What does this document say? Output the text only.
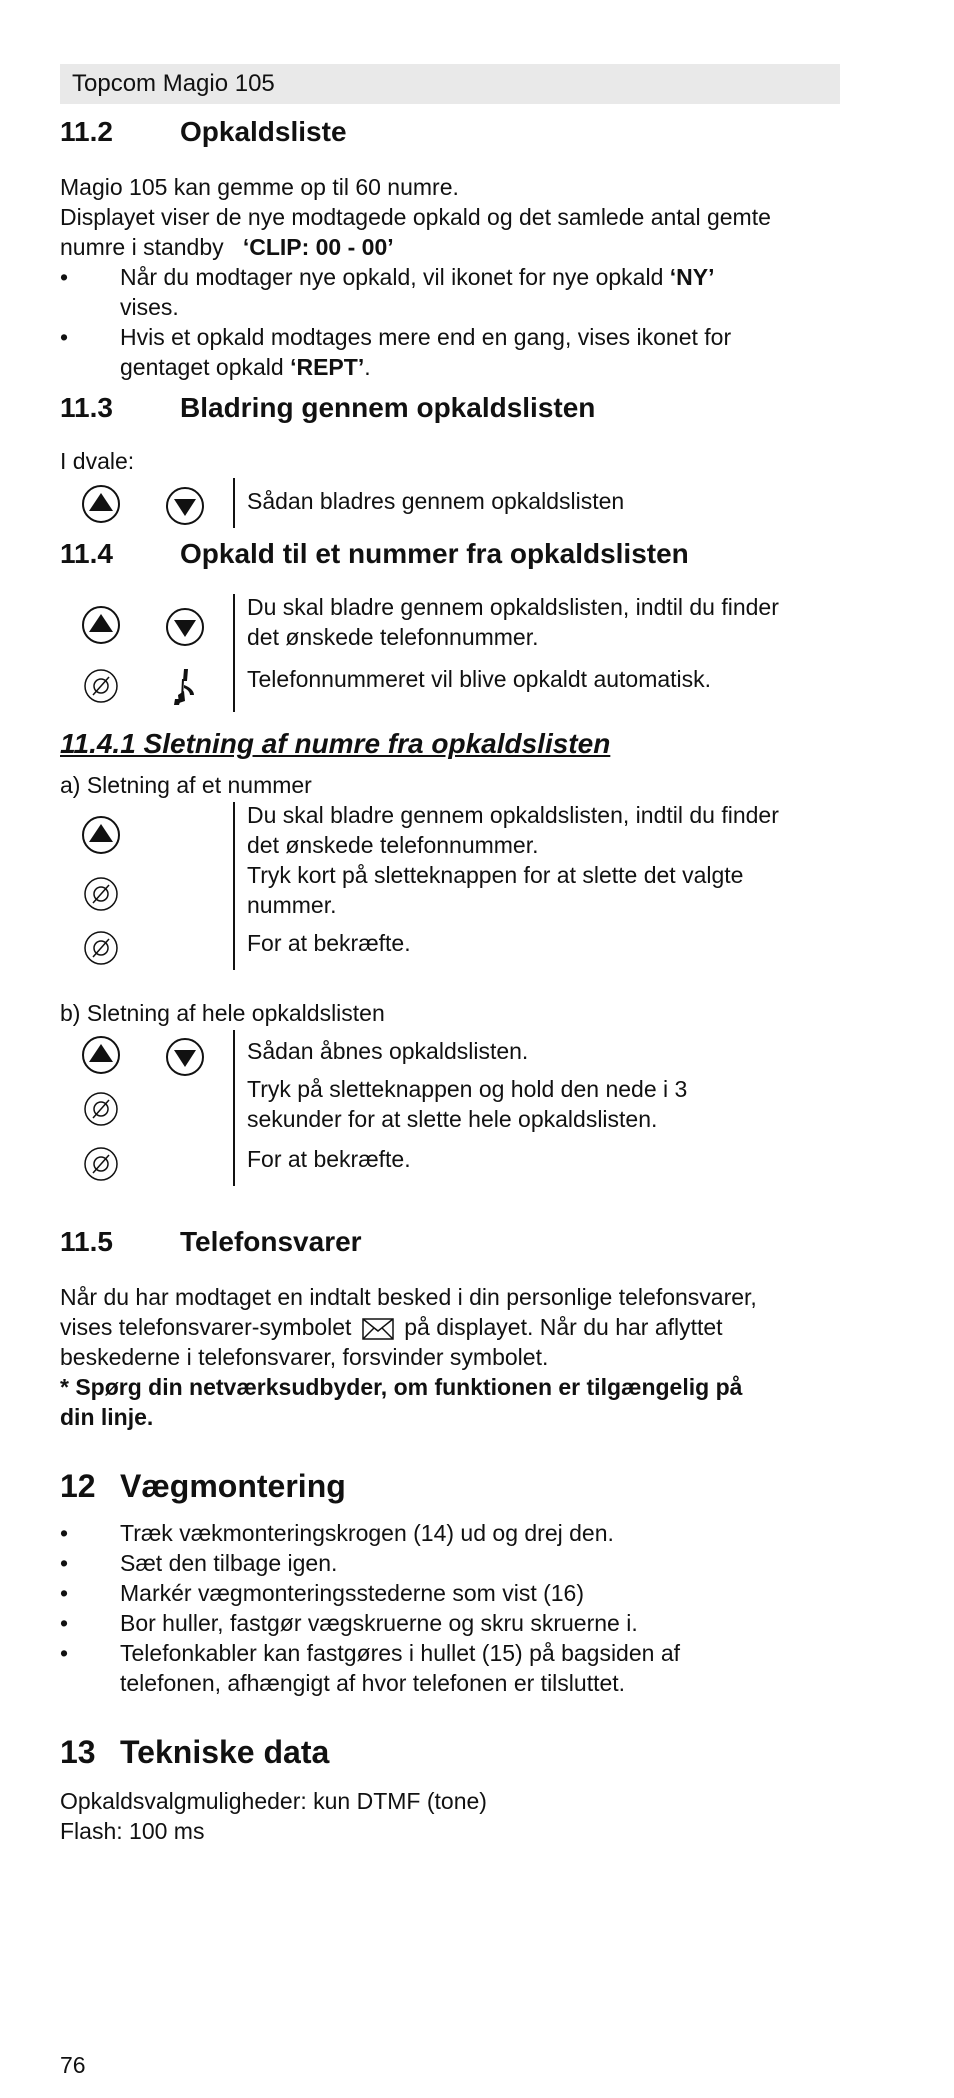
Topcom Magio 105
11.2 Opkaldsliste
Magio 105 kan gemme op til 60 numre.
Displayet viser de nye modtagede opkald og det samlede antal gemte
numre i standby ‘CLIP: 00 - 00’
• Når du modtager nye opkald, vil ikonet for nye opkald ‘NY’
vises.
• Hvis et opkald modtages mere end en gang, vises ikonet for
gentaget opkald ‘REPT’.
11.3 Bladring gennem opkaldslisten
I dvale:
Sådan bladres gennem opkaldslisten
11.4 Opkald til et nummer fra opkaldslisten
Du skal bladre gennem opkaldslisten, indtil du finder
det ønskede telefonnummer.
Telefonnummeret vil blive opkaldt automatisk.
11.4.1 Sletning af numre fra opkaldslisten
a) Sletning af et nummer
Du skal bladre gennem opkaldslisten, indtil du finder
det ønskede telefonnummer.
Tryk kort på sletteknappen for at slette det valgte
nummer.
For at bekræfte.
b) Sletning af hele opkaldslisten
Sådan åbnes opkaldslisten.
Tryk på sletteknappen og hold den nede i 3
sekunder for at slette hele opkaldslisten.
For at bekræfte.
11.5 Telefonsvarer
Når du har modtaget en indtalt besked i din personlige telefonsvarer,
vises telefonsvarer-symbolet på displayet. Når du har aflyttet
beskederne i telefonsvarer, forsvinder symbolet.
* Spørg din netværksudbyder, om funktionen er tilgængelig på
din linje.
12 Vægmontering
• Træk vækmonteringskrogen (14) ud og drej den.
• Sæt den tilbage igen.
• Markér vægmonteringsstederne som vist (16)
• Bor huller, fastgør vægskruerne og skru skruerne i.
• Telefonkabler kan fastgøres i hullet (15) på bagsiden af
telefonen, afhængigt af hvor telefonen er tilsluttet.
13 Tekniske data
Opkaldsvalgmuligheder: kun DTMF (tone)
Flash: 100 ms
76
